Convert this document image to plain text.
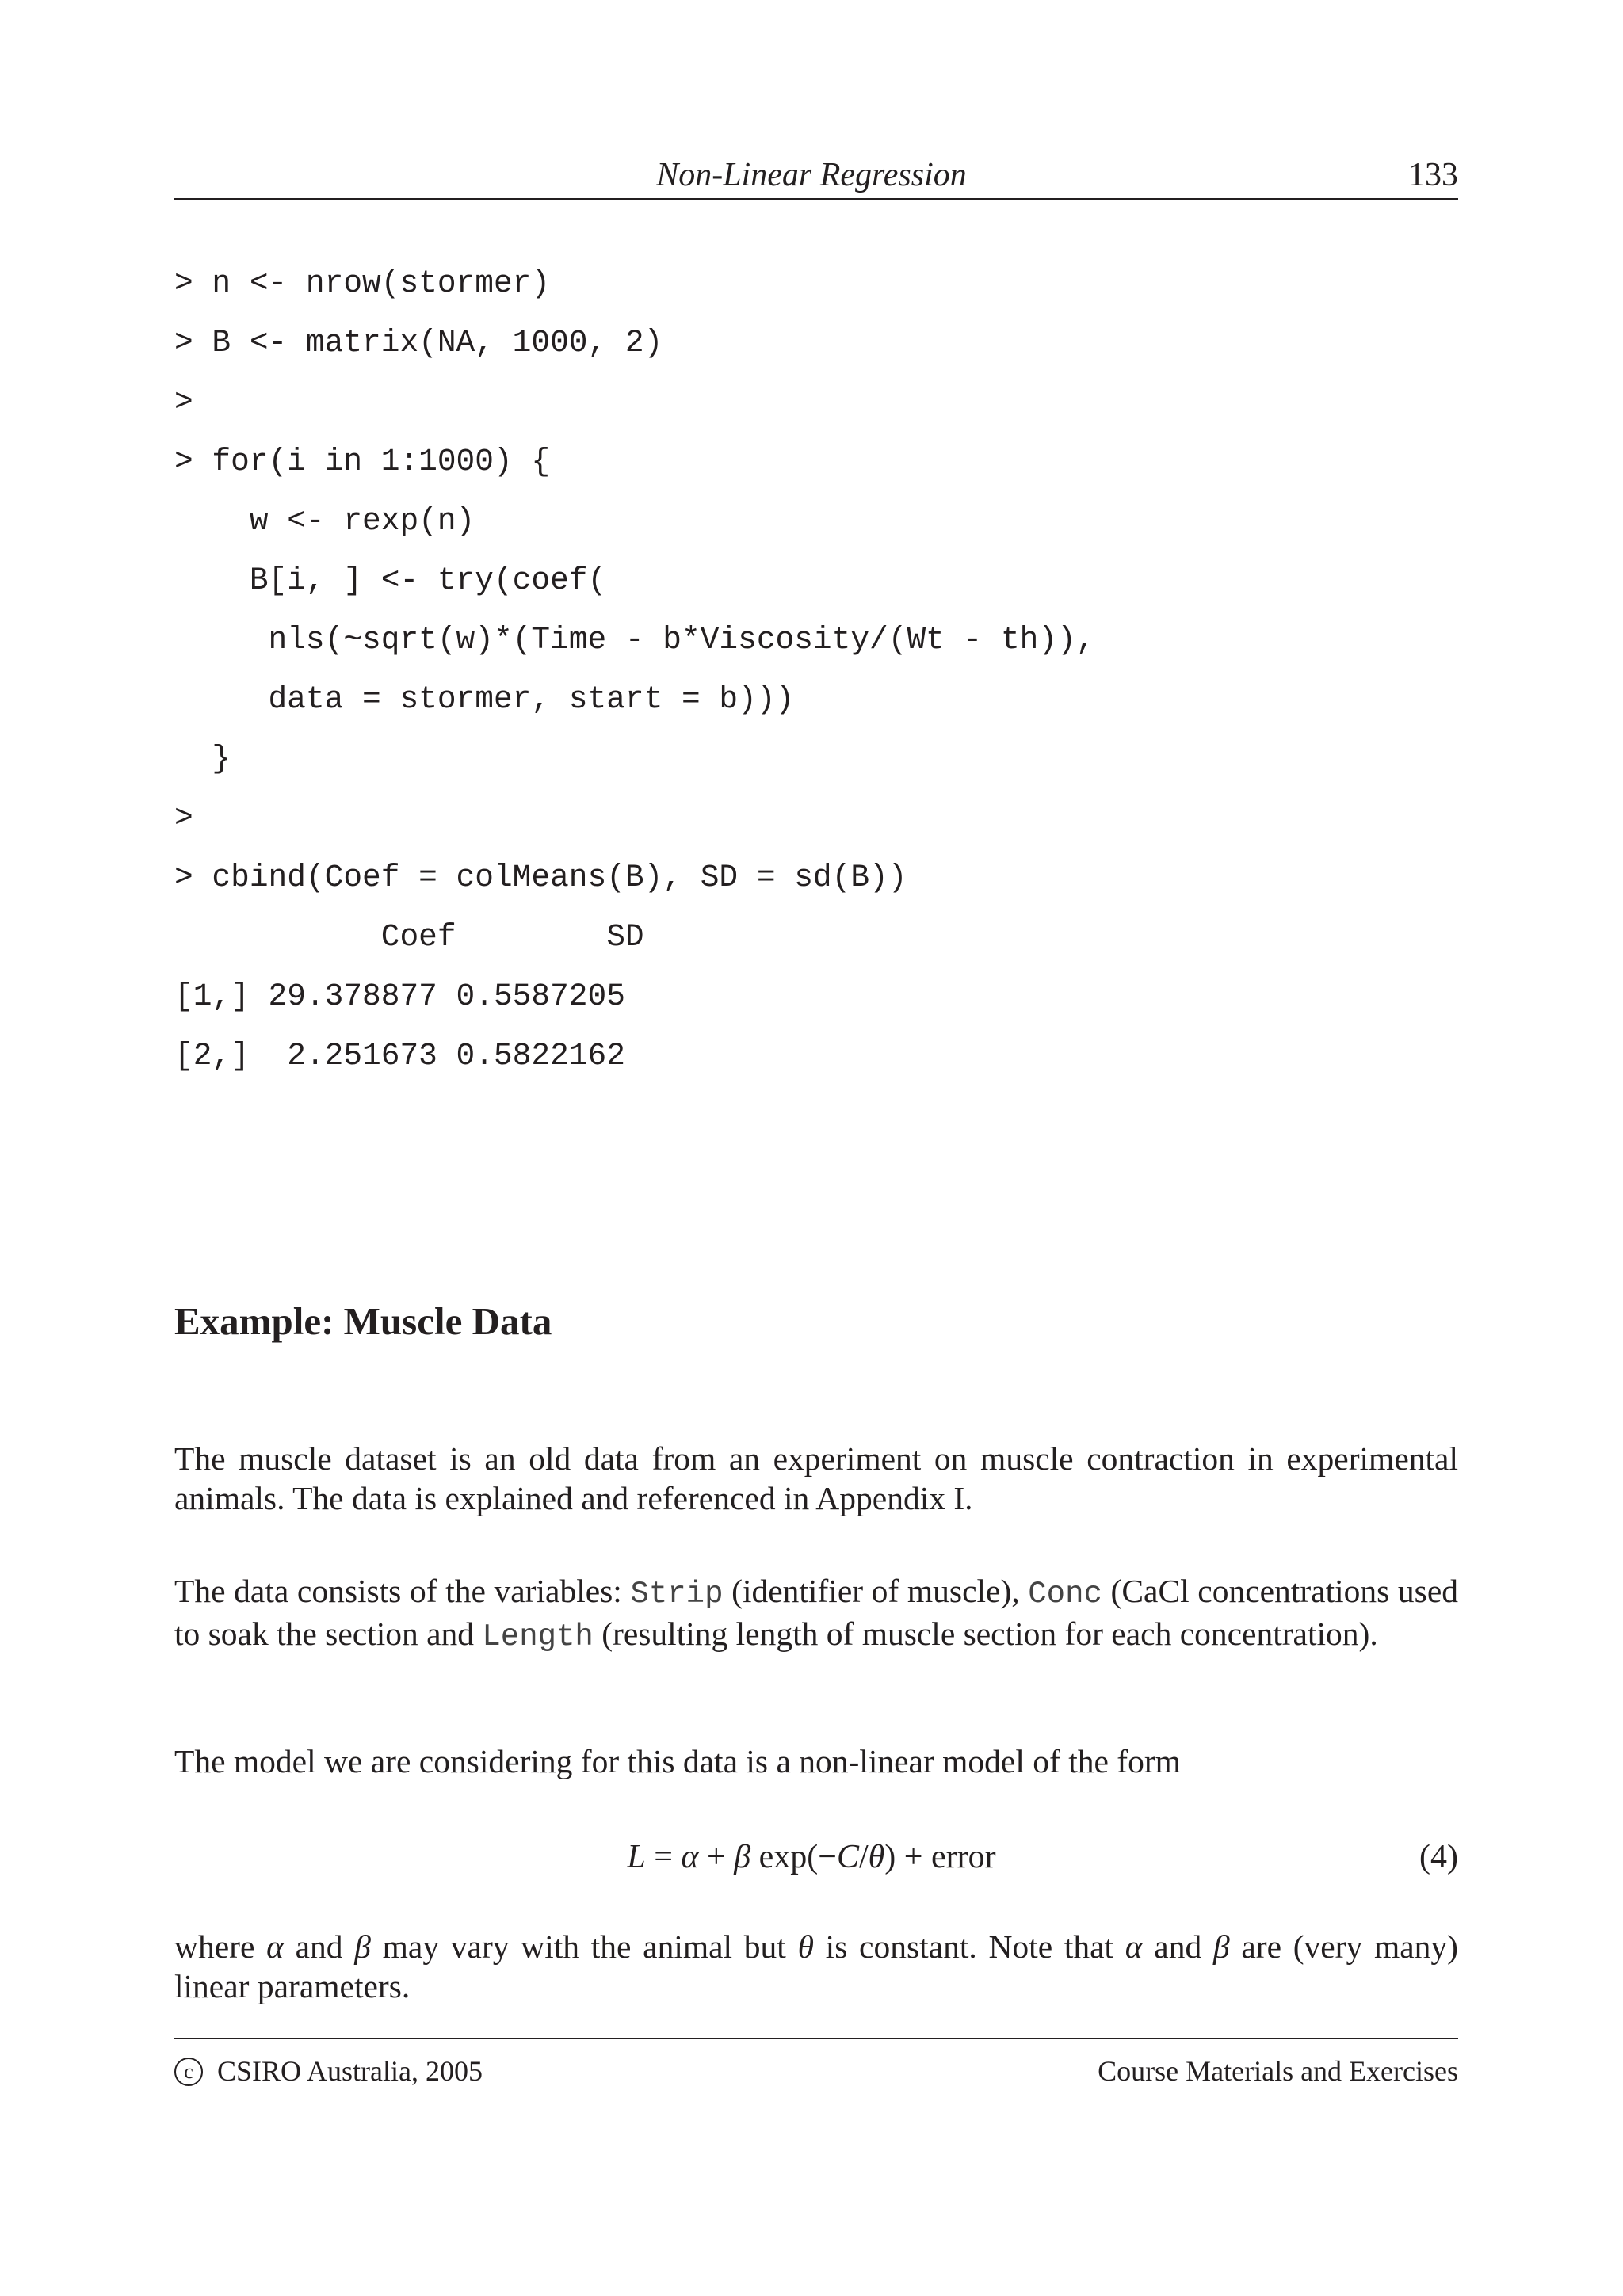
Non-Linear Regression	133
> n <- nrow(stormer)
> B <- matrix(NA, 1000, 2)
>
> for(i in 1:1000) {
w <- rexp(n)
B[i, ] <- try(coef(
nls(~sqrt(w)*(Time - b*Viscosity/(Wt - th)),
data = stormer, start = b)))
}
>
> cbind(Coef = colMeans(B), SD = sd(B))
Coef        SD
[1,] 29.378877 0.5587205
[2,]  2.251673 0.5822162
Example: Muscle Data
The muscle dataset is an old data from an experiment on muscle contraction in experimental animals. The data is explained and referenced in Appendix I.
The data consists of the variables: Strip (identifier of muscle), Conc (CaCl concentrations used to soak the section and Length (resulting length of muscle section for each concentration).
The model we are considering for this data is a non-linear model of the form
L = α + β exp(−C/θ) + error	(4)
where α and β may vary with the animal but θ is constant. Note that α and β are (very many) linear parameters.
c CSIRO Australia, 2005	Course Materials and Exercises
